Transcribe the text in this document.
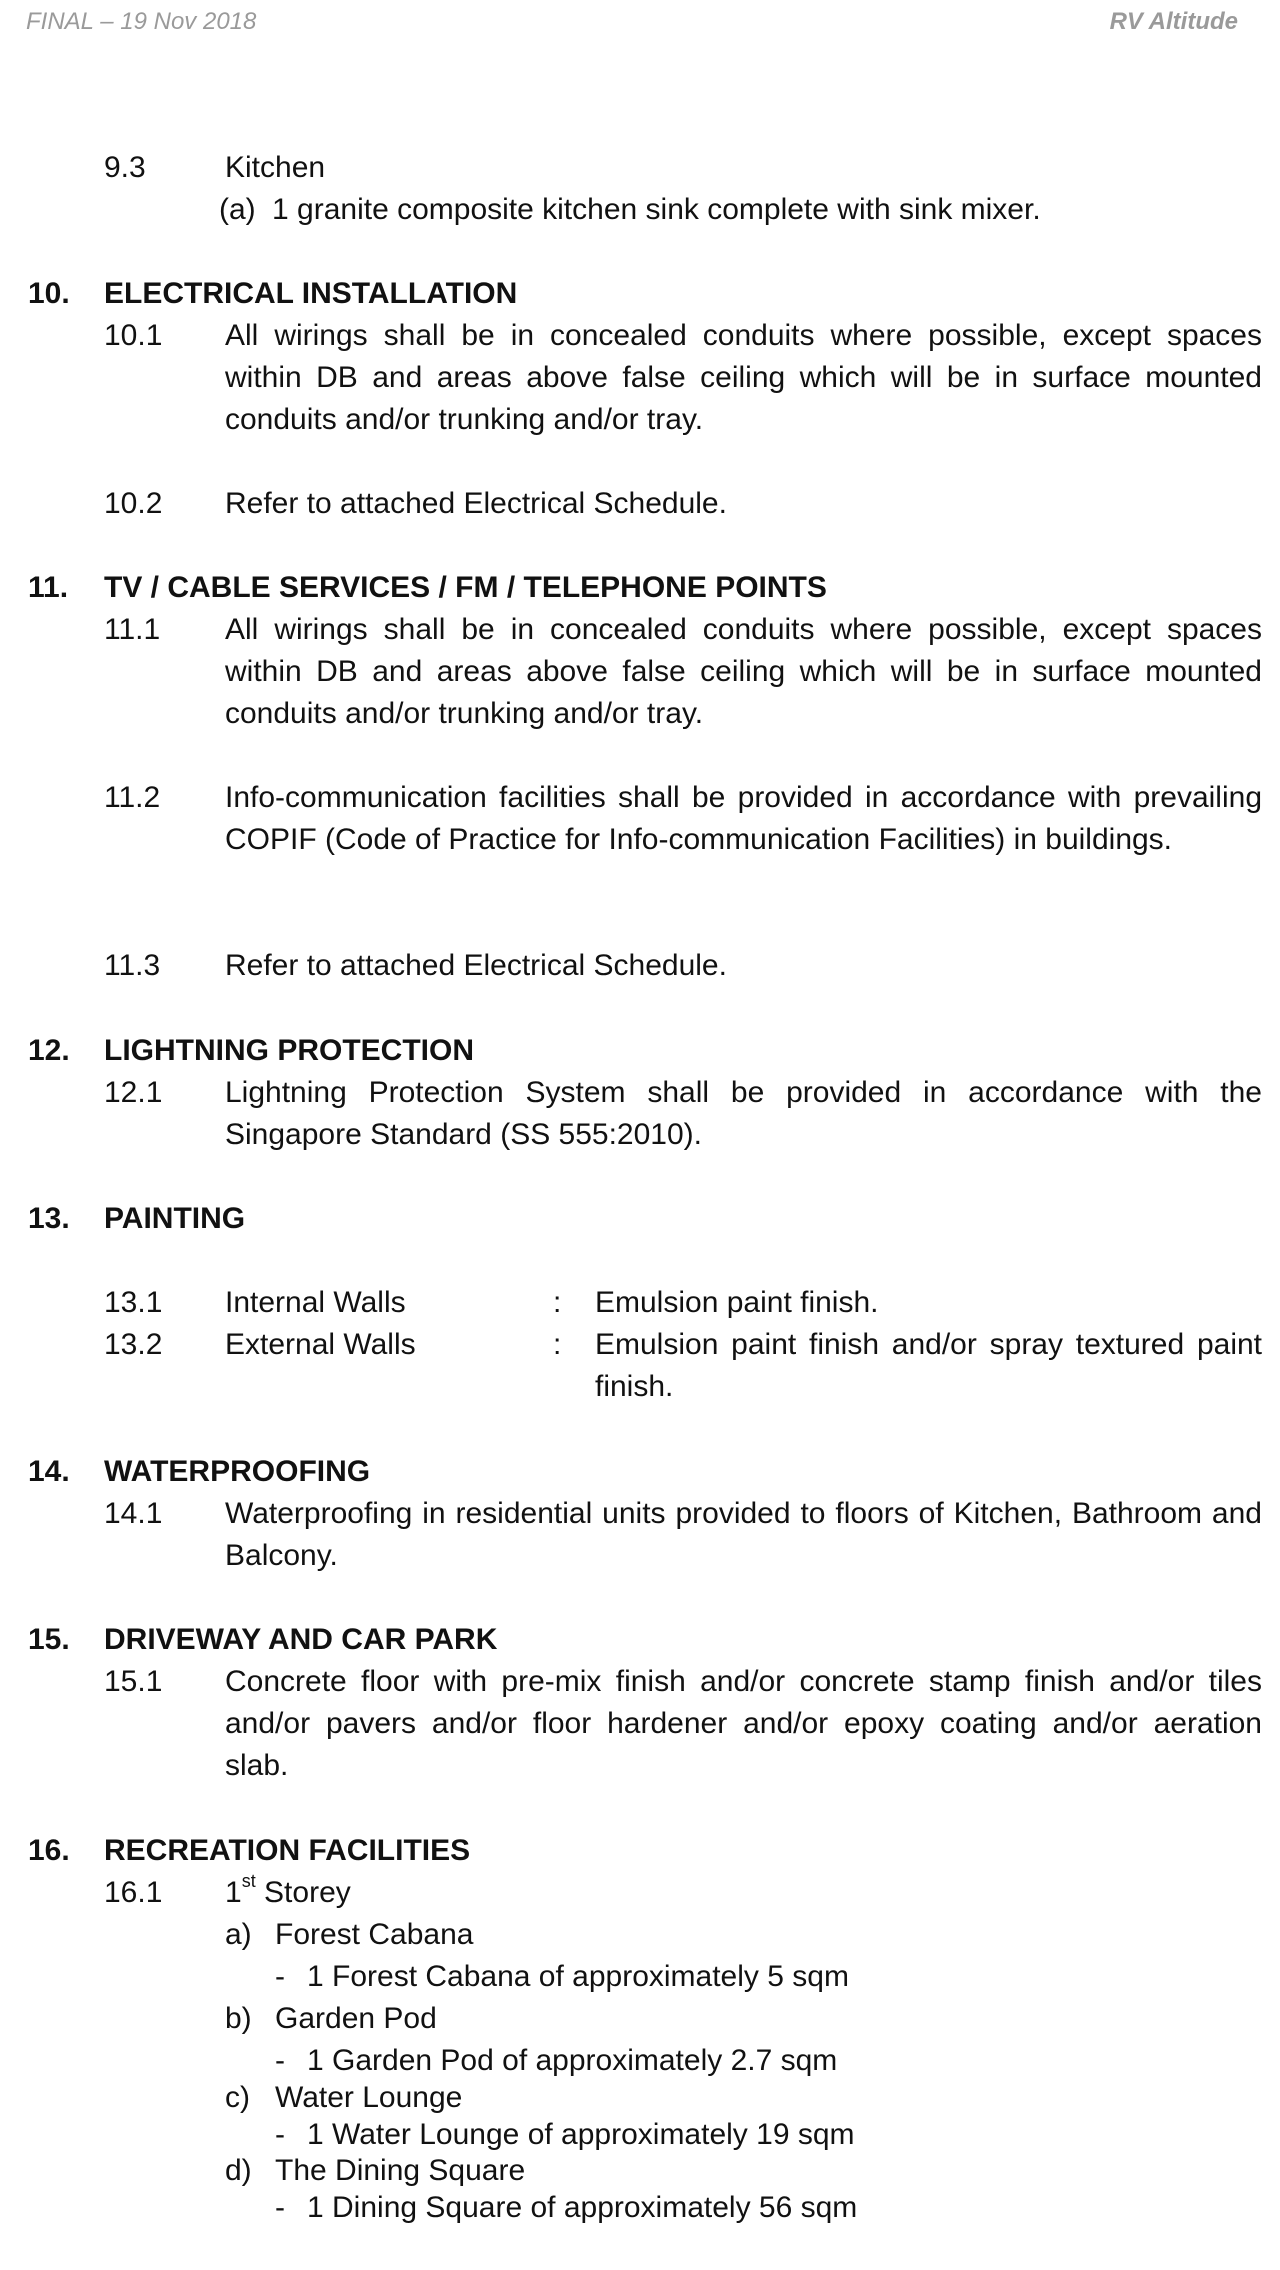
FINAL – 19 Nov 2018	RV Altitude
9.3	Kitchen
(a) 1 granite composite kitchen sink complete with sink mixer.
10. ELECTRICAL INSTALLATION
10.1 All wirings shall be in concealed conduits where possible, except spaces within DB and areas above false ceiling which will be in surface mounted conduits and/or trunking and/or tray.
10.2 Refer to attached Electrical Schedule.
11. TV / CABLE SERVICES / FM / TELEPHONE POINTS
11.1 All wirings shall be in concealed conduits where possible, except spaces within DB and areas above false ceiling which will be in surface mounted conduits and/or trunking and/or tray.
11.2 Info-communication facilities shall be provided in accordance with prevailing COPIF (Code of Practice for Info-communication Facilities) in buildings.
11.3 Refer to attached Electrical Schedule.
12. LIGHTNING PROTECTION
12.1 Lightning Protection System shall be provided in accordance with the Singapore Standard (SS 555:2010).
13. PAINTING
13.1 Internal Walls	: Emulsion paint finish.
13.2 External Walls	: Emulsion paint finish and/or spray textured paint finish.
14. WATERPROOFING
14.1 Waterproofing in residential units provided to floors of Kitchen, Bathroom and Balcony.
15. DRIVEWAY AND CAR PARK
15.1 Concrete floor with pre-mix finish and/or concrete stamp finish and/or tiles and/or pavers and/or floor hardener and/or epoxy coating and/or aeration slab.
16. RECREATION FACILITIES
16.1 1st Storey
a) Forest Cabana
- 1 Forest Cabana of approximately 5 sqm
b) Garden Pod
- 1 Garden Pod of approximately 2.7 sqm
c) Water Lounge
- 1 Water Lounge of approximately 19 sqm
d) The Dining Square
- 1 Dining Square of approximately 56 sqm
